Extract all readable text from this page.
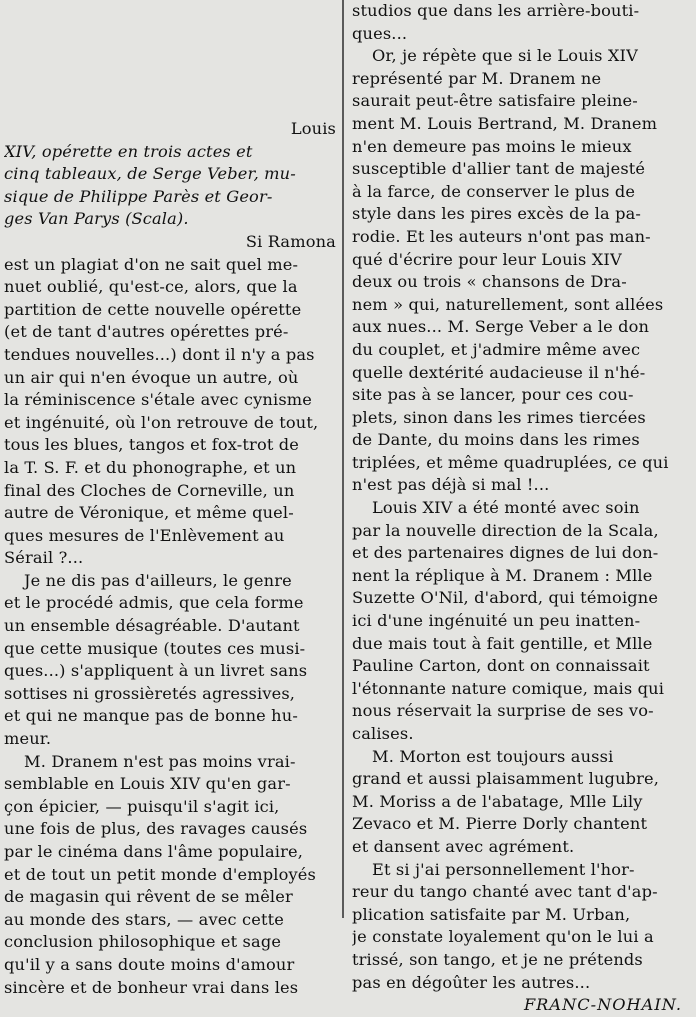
Louis
XIV, opérette en trois actes et
cinq tableaux, de Serge Veber, mu-
sique de Philippe Parès et Geor-
ges Van Parys (Scala).
Si Ramona
est un plagiat d'on ne sait quel me-
nuet oublié, qu'est-ce, alors, que la
partition de cette nouvelle opérette
(et de tant d'autres opérettes pré-
tendues nouvelles...) dont il n'y a pas
un air qui n'en évoque un autre, où
la réminiscence s'étale avec cynisme
et ingénuité, où l'on retrouve de tout,
tous les blues, tangos et fox-trot de
la T. S. F. et du phonographe, et un
final des Cloches de Corneville, un
autre de Véronique, et même quel-
ques mesures de l'Enlèvement au
Sérail ?...
Je ne dis pas d'ailleurs, le genre
et le procédé admis, que cela forme
un ensemble désagréable. D'autant
que cette musique (toutes ces musi-
ques...) s'appliquent à un livret sans
sottises ni grossièretés agressives,
et qui ne manque pas de bonne hu-
meur.
M. Dranem n'est pas moins vrai-
semblable en Louis XIV qu'en gar-
çon épicier, — puisqu'il s'agit ici,
une fois de plus, des ravages causés
par le cinéma dans l'âme populaire,
et de tout un petit monde d'employés
de magasin qui rêvent de se mêler
au monde des stars, — avec cette
conclusion philosophique et sage
qu'il y a sans doute moins d'amour
sincère et de bonheur vrai dans les
studios que dans les arrière-bouti-
ques...
Or, je répète que si le Louis XIV
représenté par M. Dranem ne
saurait peut-être satisfaire pleine-
ment M. Louis Bertrand, M. Dranem
n'en demeure pas moins le mieux
susceptible d'allier tant de majesté
à la farce, de conserver le plus de
style dans les pires excès de la pa-
rodie. Et les auteurs n'ont pas man-
qué d'écrire pour leur Louis XIV
deux ou trois « chansons de Dra-
nem » qui, naturellement, sont allées
aux nues... M. Serge Veber a le don
du couplet, et j'admire même avec
quelle dextérité audacieuse il n'hé-
site pas à se lancer, pour ces cou-
plets, sinon dans les rimes tiercées
de Dante, du moins dans les rimes
triplées, et même quadruplées, ce qui
n'est pas déjà si mal !...
Louis XIV a été monté avec soin
par la nouvelle direction de la Scala,
et des partenaires dignes de lui don-
nent la réplique à M. Dranem : Mlle
Suzette O'Nil, d'abord, qui témoigne
ici d'une ingénuité un peu inatten-
due mais tout à fait gentille, et Mlle
Pauline Carton, dont on connaissait
l'étonnante nature comique, mais qui
nous réservait la surprise de ses vo-
calises.
M. Morton est toujours aussi
grand et aussi plaisamment lugubre,
M. Moriss a de l'abatage, Mlle Lily
Zevaco et M. Pierre Dorly chantent
et dansent avec agrément.
Et si j'ai personnellement l'hor-
reur du tango chanté avec tant d'ap-
plication satisfaite par M. Urban,
je constate loyalement qu'on le lui a
trissé, son tango, et je ne prétends
pas en dégoûter les autres...
FRANC-NOHAIN.
